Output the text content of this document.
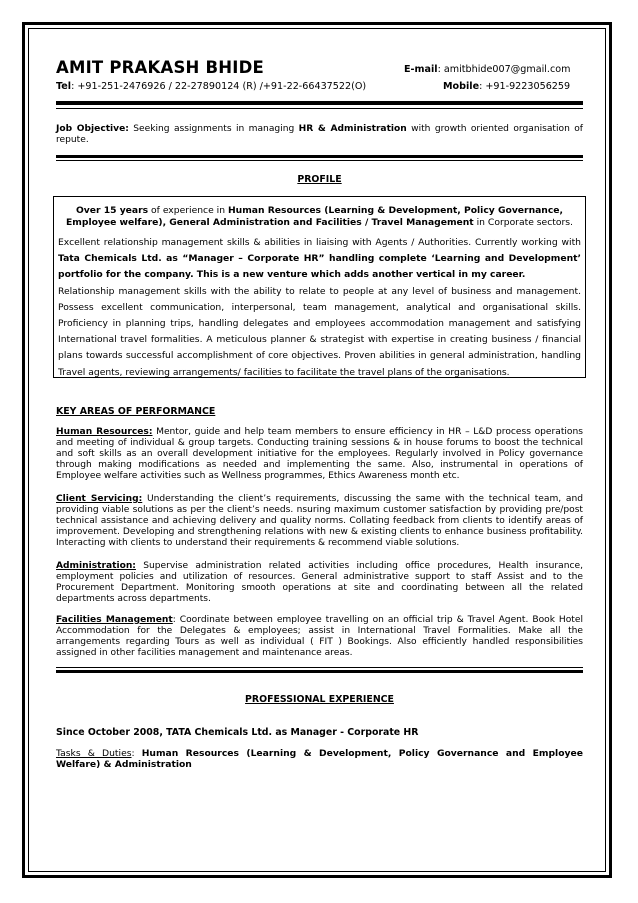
AMIT PRAKASH BHIDE	E-mail: amitbhide007@gmail.com
Tel: +91-251-2476926 / 22-27890124 (R) /+91-22-66437522(O)	Mobile: +91-9223056259
Job Objective: Seeking assignments in managing HR & Administration with growth oriented organisation of repute.
PROFILE
Over 15 years of experience in Human Resources (Learning & Development, Policy Governance, Employee welfare), General Administration and Facilities / Travel Management in Corporate sectors.
Excellent relationship management skills & abilities in liaising with Agents / Authorities. Currently working with Tata Chemicals Ltd. as “Manager – Corporate HR” handling complete ‘Learning and Development’ portfolio for the company. This is a new venture which adds another vertical in my career.
Relationship management skills with the ability to relate to people at any level of business and management. Possess excellent communication, interpersonal, team management, analytical and organisational skills. Proficiency in planning trips, handling delegates and employees accommodation management and satisfying International travel formalities. A meticulous planner & strategist with expertise in creating business / financial plans towards successful accomplishment of core objectives. Proven abilities in general administration, handling Travel agents, reviewing arrangements/ facilities to facilitate the travel plans of the organisations.
KEY AREAS OF PERFORMANCE
Human Resources: Mentor, guide and help team members to ensure efficiency in HR – L&D process operations and meeting of individual & group targets. Conducting training sessions & in house forums to boost the technical and soft skills as an overall development initiative for the employees. Regularly involved in Policy governance through making modifications as needed and implementing the same. Also, instrumental in operations of Employee welfare activities such as Wellness programmes, Ethics Awareness month etc.
Client Servicing: Understanding the client’s requirements, discussing the same with the technical team, and providing viable solutions as per the client’s needs. nsuring maximum customer satisfaction by providing pre/post technical assistance and achieving delivery and quality norms. Collating feedback from clients to identify areas of improvement. Developing and strengthening relations with new & existing clients to enhance business profitability. Interacting with clients to understand their requirements & recommend viable solutions.
Administration: Supervise administration related activities including office procedures, Health insurance, employment policies and utilization of resources. General administrative support to staff Assist and to the Procurement Department. Monitoring smooth operations at site and coordinating between all the related departments across departments.
Facilities Management: Coordinate between employee travelling on an official trip & Travel Agent. Book Hotel Accommodation for the Delegates & employees; assist in International Travel Formalities. Make all the arrangements regarding Tours as well as individual ( FIT ) Bookings. Also efficiently handled responsibilities assigned in other facilities management and maintenance areas.
PROFESSIONAL EXPERIENCE
Since October 2008, TATA Chemicals Ltd. as Manager - Corporate HR
Tasks & Duties: Human Resources (Learning & Development, Policy Governance and Employee Welfare) & Administration
